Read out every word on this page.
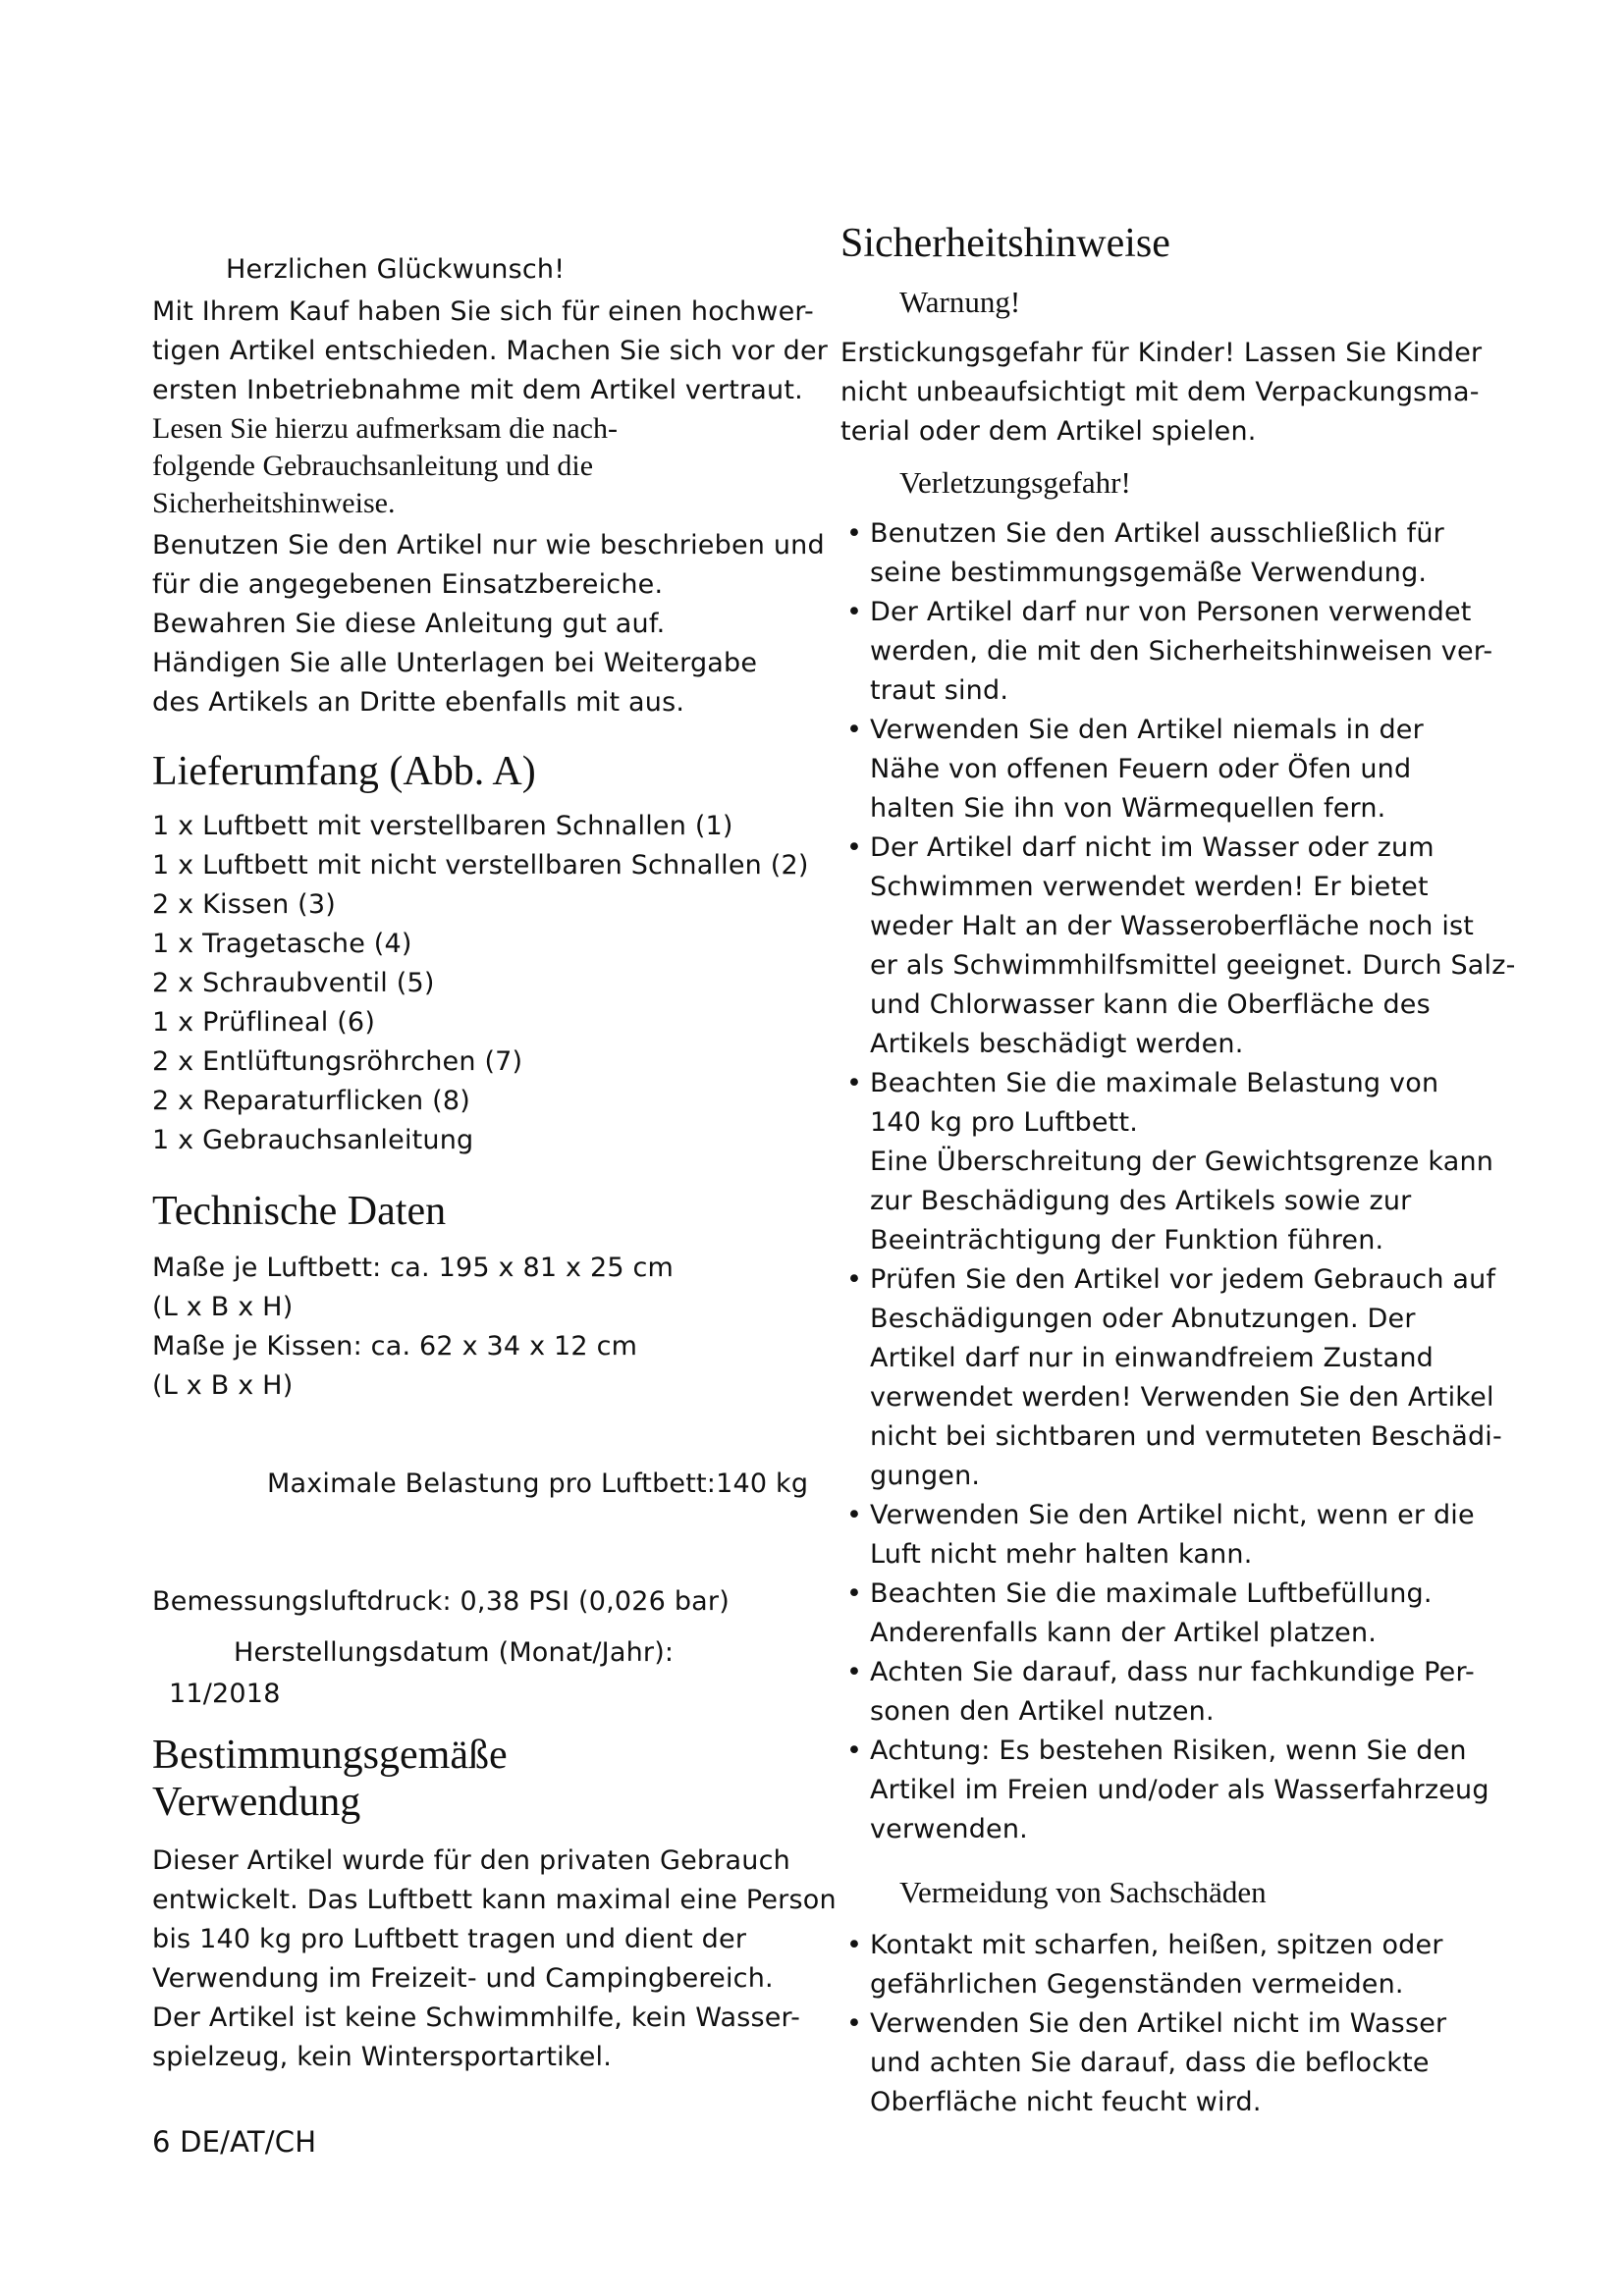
Herzlichen Glückwunsch!
Mit Ihrem Kauf haben Sie sich für einen hochwer-
tigen Artikel entschieden. Machen Sie sich vor der
ersten Inbetriebnahme mit dem Artikel vertraut.
Lesen Sie hierzu aufmerksam die nach-
folgende Gebrauchsanleitung und die
Sicherheitshinweise.
Benutzen Sie den Artikel nur wie beschrieben und
für die angegebenen Einsatzbereiche.
Bewahren Sie diese Anleitung gut auf.
Händigen Sie alle Unterlagen bei Weitergabe
des Artikels an Dritte ebenfalls mit aus.
Lieferumfang (Abb. A)
1 x Luftbett mit verstellbaren Schnallen (1)
1 x Luftbett mit nicht verstellbaren Schnallen (2)
2 x Kissen (3)
1 x Tragetasche (4)
2 x Schraubventil (5)
1 x Prüflineal (6)
2 x Entlüftungsröhrchen (7)
2 x Reparaturflicken (8)
1 x Gebrauchsanleitung
Technische Daten
Maße je Luftbett: ca. 195 x 81 x 25 cm
(L x B x H)
Maße je Kissen: ca. 62 x 34 x 12 cm
(L x B x H)
Maximale Belastung pro Luftbett:140 kg
Bemessungsluftdruck: 0,38 PSI (0,026 bar)
Herstellungsdatum (Monat/Jahr):
11/2018
Bestimmungsgemäße
Verwendung
Dieser Artikel wurde für den privaten Gebrauch
entwickelt. Das Luftbett kann maximal eine Person
bis 140 kg pro Luftbett tragen und dient der
Verwendung im Freizeit- und Campingbereich.
Der Artikel ist keine Schwimmhilfe, kein Wasser-
spielzeug, kein Wintersportartikel.
6 DE/AT/CH
Sicherheitshinweise
Warnung!
Erstickungsgefahr für Kinder! Lassen Sie Kinder
nicht unbeaufsichtigt mit dem Verpackungsma-
terial oder dem Artikel spielen.
Verletzungsgefahr!
• Benutzen Sie den Artikel ausschließlich für
seine bestimmungsgemäße Verwendung.
• Der Artikel darf nur von Personen verwendet
werden, die mit den Sicherheitshinweisen ver-
traut sind.
• Verwenden Sie den Artikel niemals in der
Nähe von offenen Feuern oder Öfen und
halten Sie ihn von Wärmequellen fern.
• Der Artikel darf nicht im Wasser oder zum
Schwimmen verwendet werden! Er bietet
weder Halt an der Wasseroberfläche noch ist
er als Schwimmhilfsmittel geeignet. Durch Salz-
und Chlorwasser kann die Oberfläche des
Artikels beschädigt werden.
• Beachten Sie die maximale Belastung von
140 kg pro Luftbett.
Eine Überschreitung der Gewichtsgrenze kann
zur Beschädigung des Artikels sowie zur
Beeinträchtigung der Funktion führen.
• Prüfen Sie den Artikel vor jedem Gebrauch auf
Beschädigungen oder Abnutzungen. Der
Artikel darf nur in einwandfreiem Zustand
verwendet werden! Verwenden Sie den Artikel
nicht bei sichtbaren und vermuteten Beschädi-
gungen.
• Verwenden Sie den Artikel nicht, wenn er die
Luft nicht mehr halten kann.
• Beachten Sie die maximale Luftbefüllung.
Anderenfalls kann der Artikel platzen.
• Achten Sie darauf, dass nur fachkundige Per-
sonen den Artikel nutzen.
• Achtung: Es bestehen Risiken, wenn Sie den
Artikel im Freien und/oder als Wasserfahrzeug
verwenden.
Vermeidung von Sachschäden
• Kontakt mit scharfen, heißen, spitzen oder
gefährlichen Gegenständen vermeiden.
• Verwenden Sie den Artikel nicht im Wasser
und achten Sie darauf, dass die beflockte
Oberfläche nicht feucht wird.
